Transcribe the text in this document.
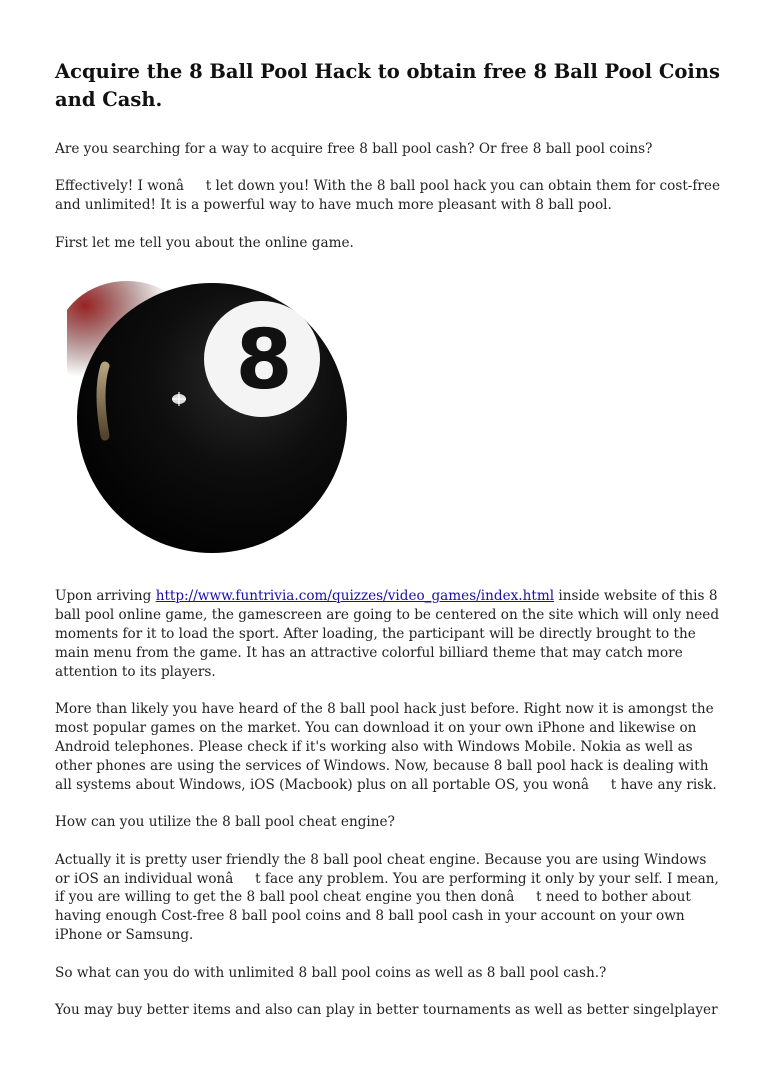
Acquire the 8 Ball Pool Hack to obtain free 8 Ball Pool Coins and Cash.

Are you searching for a way to acquire free 8 ball pool cash? Or free 8 ball pool coins?

Effectively! I wonât let down you! With the 8 ball pool hack you can obtain them for cost-free and unlimited! It is a powerful way to have much more pleasant with 8 ball pool.

First let me tell you about the online game.

8

Upon arriving http://www.funtrivia.com/quizzes/video_games/index.html inside website of this 8 ball pool online game, the gamescreen are going to be centered on the site which will only need moments for it to load the sport. After loading, the participant will be directly brought to the main menu from the game. It has an attractive colorful billiard theme that may catch more attention to its players.

More than likely you have heard of the 8 ball pool hack just before. Right now it is amongst the most popular games on the market. You can download it on your own iPhone and likewise on Android telephones. Please check if it's working also with Windows Mobile. Nokia as well as other phones are using the services of Windows. Now, because 8 ball pool hack is dealing with all systems about Windows, iOS (Macbook) plus on all portable OS, you wonât have any risk.

How can you utilize the 8 ball pool cheat engine?

Actually it is pretty user friendly the 8 ball pool cheat engine. Because you are using Windows or iOS an individual wonât face any problem. You are performing it only by your self. I mean, if you are willing to get the 8 ball pool cheat engine you then donât need to bother about having enough Cost-free 8 ball pool coins and 8 ball pool cash in your account on your own iPhone or Samsung.

So what can you do with unlimited 8 ball pool coins as well as 8 ball pool cash.?

You may buy better items and also can play in better tournaments as well as better singelplayer
